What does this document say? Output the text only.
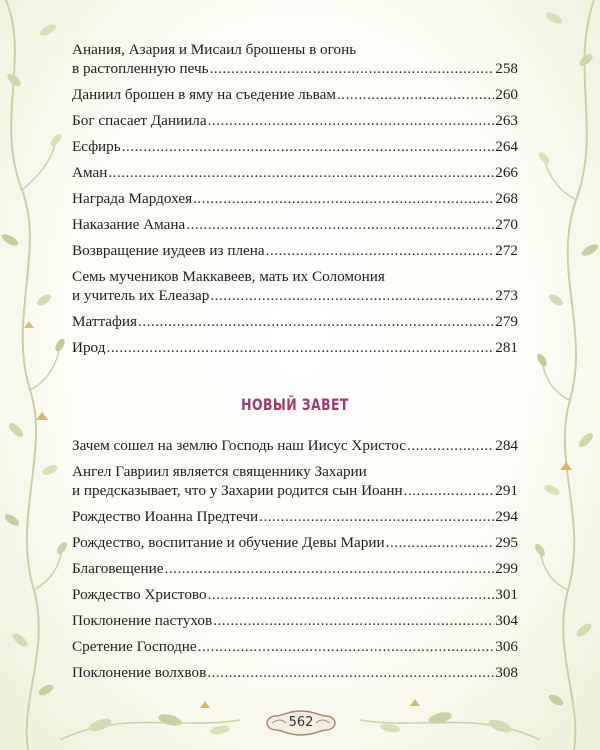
Анания, Азария и Мисаил брошены в огонь
в растопленную печь .....	258
Даниил брошен в яму на съедение львам .....	260
Бог спасает Даниила .....	263
Есфирь .....	264
Аман .....	266
Награда Мардохея .....	268
Наказание Амана .....	270
Возвращение иудеев из плена .....	272
Семь мучеников Маккавеев, мать их Соломония
и учитель их Елеазар .....	273
Маттафия .....	279
Ирод .....	281
НОВЫЙ ЗАВЕТ
Зачем сошел на землю Господь наш Иисус Христос .....	284
Ангел Гавриил является священнику Захарии
и предсказывает, что у Захарии родится сын Иоанн .....	291
Рождество Иоанна Предтечи .....	294
Рождество, воспитание и обучение Девы Марии .....	295
Благовещение .....	299
Рождество Христово .....	301
Поклонение пастухов .....	304
Сретение Господне .....	306
Поклонение волхвов .....	308
562
